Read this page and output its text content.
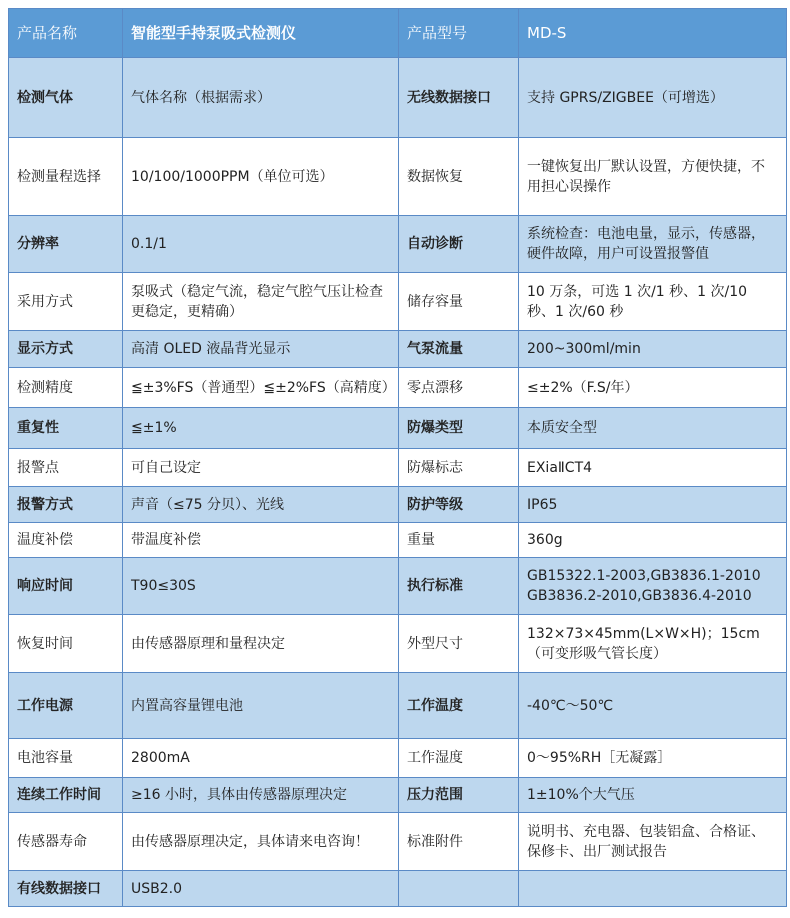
产品名称	智能型手持泵吸式检测仪	产品型号	MD-S
检测气体	气体名称（根据需求）	无线数据接口	支持 GPRS/ZIGBEE（可增选）
检测量程选择	10/100/1000PPM（单位可选）	数据恢复	一键恢复出厂默认设置，方便快捷，不用担心误操作
分辨率	0.1/1	自动诊断	系统检查：电池电量，显示，传感器，硬件故障，用户可设置报警值
采用方式	泵吸式（稳定气流，稳定气腔气压让检查更稳定，更精确）	储存容量	10 万条，可选 1 次/1 秒、1 次/10 秒、1 次/60 秒
显示方式	高清 OLED 液晶背光显示	气泵流量	200~300ml/min
检测精度	≦±3%FS（普通型）≦±2%FS（高精度）	零点漂移	≤±2%（F.S/年）
重复性	≦±1%	防爆类型	本质安全型
报警点	可自己设定	防爆标志	EXiaⅡCT4
报警方式	声音（≤75 分贝）、光线	防护等级	IP65
温度补偿	带温度补偿	重量	360g
响应时间	T90≤30S	执行标准	GB15322.1-2003,GB3836.1-2010 GB3836.2-2010,GB3836.4-2010
恢复时间	由传感器原理和量程决定	外型尺寸	132×73×45mm(L×W×H)；15cm（可变形吸气管长度）
工作电源	内置高容量锂电池	工作温度	-40℃～50℃
电池容量	2800mA	工作湿度	0～95%RH［无凝露］
连续工作时间	≥16 小时，具体由传感器原理决定	压力范围	1±10%个大气压
传感器寿命	由传感器原理决定，具体请来电咨询！	标准附件	说明书、充电器、包装铝盒、合格证、保修卡、出厂测试报告
有线数据接口	USB2.0		
